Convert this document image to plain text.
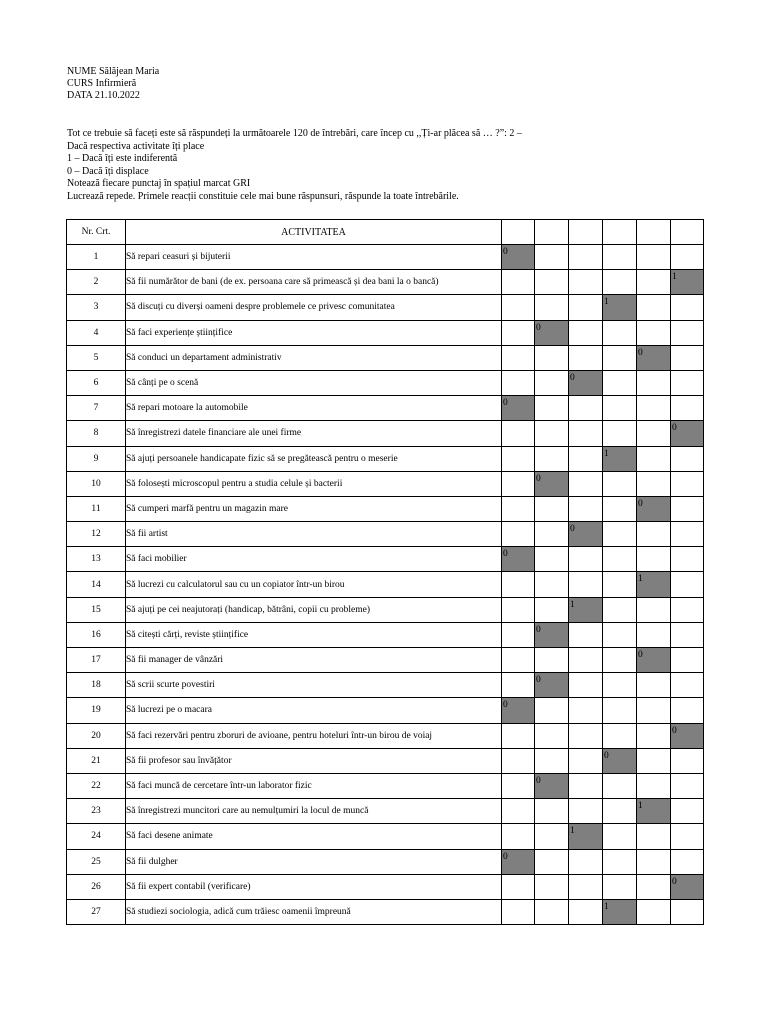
NUME Sălăjean Maria
CURS Infirmieră
DATA 21.10.2022
Tot ce trebuie să faceți este să răspundeți la următoarele 120 de întrebări, care încep cu ,,Ți-ar plăcea să … ?”: 2 –
Dacă respectiva activitate îți place
1 – Dacă îți este indiferentă
0 – Dacă îți displace
Notează fiecare punctaj în spațiul marcat GRI
Lucrează repede. Primele reacții constituie cele mai bune răspunsuri, răspunde la toate întrebările.
Nr. Crt.	ACTIVITATEA						
1	Să repari ceasuri și bijuterii	0					

2	Să fii numărător de bani (de ex. persoana care să primească și dea bani la o bancă)						1

3	Să discuți cu diverși oameni despre problemele ce privesc comunitatea				1		

4	Să faci experiențe științifice		0				

5	Să conduci un departament administrativ					0	

6	Să cânți pe o scenă			0			

7	Să repari motoare la automobile	0					

8	Să înregistrezi datele financiare ale unei firme						0

9	Să ajuți persoanele handicapate fizic să se pregătească pentru o meserie				1		

10	Să folosești microscopul pentru a studia celule și bacterii		0				

11	Să cumperi marfă pentru un magazin mare					0	

12	Să fii artist			0			

13	Să faci mobilier	0					

14	Să lucrezi cu calculatorul sau cu un copiator într-un birou					1	

15	Să ajuți pe cei neajutorați (handicap, bătrâni, copii cu probleme)			1			

16	Să citești cărți, reviste științifice		0				

17	Să fii manager de vânzări					0	

18	Să scrii scurte povestiri		0				

19	Să lucrezi pe o macara	0					

20	Să faci rezervări pentru zboruri de avioane, pentru hoteluri într-un birou de voiaj						0

21	Să fii profesor sau învățător				0		

22	Să faci muncă de cercetare într-un laborator fizic		0				

23	Să înregistrezi muncitori care au nemulțumiri la locul de muncă					1	

24	Să faci desene animate			1			

25	Să fii dulgher	0					

26	Să fii expert contabil (verificare)						0

27	Să studiezi sociologia, adică cum trăiesc oamenii împreună				1		
